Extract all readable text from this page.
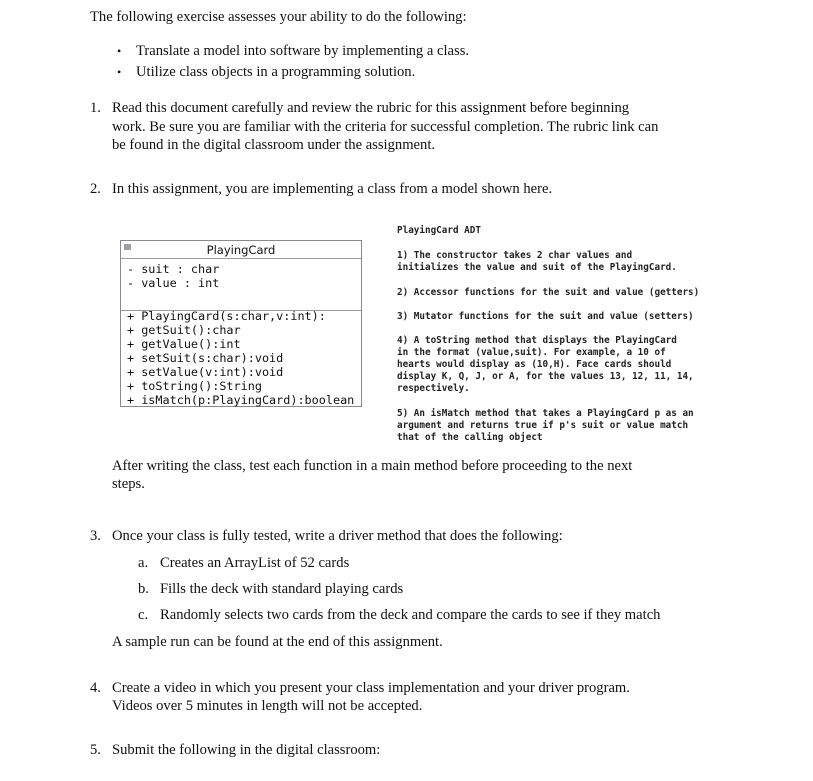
The following exercise assesses your ability to do the following:
• Translate a model into software by implementing a class.
• Utilize class objects in a programming solution.
1. Read this document carefully and review the rubric for this assignment before beginning
work. Be sure you are familiar with the criteria for successful completion. The rubric link can
be found in the digital classroom under the assignment.
2. In this assignment, you are implementing a class from a model shown here.
PlayingCard
- suit : char
- value : int
+ PlayingCard(s:char,v:int):
+ getSuit():char
+ getValue():int
+ setSuit(s:char):void
+ setValue(v:int):void
+ toString():String
+ isMatch(p:PlayingCard):boolean
PlayingCard ADT
1) The constructor takes 2 char values and
initializes the value and suit of the PlayingCard.
2) Accessor functions for the suit and value (getters)
3) Mutator functions for the suit and value (setters)
4) A toString method that displays the PlayingCard
in the format (value,suit). For example, a 10 of
hearts would display as (10,H). Face cards should
display K, Q, J, or A, for the values 13, 12, 11, 14,
respectively.
5) An isMatch method that takes a PlayingCard p as an
argument and returns true if p's suit or value match
that of the calling object
After writing the class, test each function in a main method before proceeding to the next
steps.
3. Once your class is fully tested, write a driver method that does the following:
a. Creates an ArrayList of 52 cards
b. Fills the deck with standard playing cards
c. Randomly selects two cards from the deck and compare the cards to see if they match
A sample run can be found at the end of this assignment.
4. Create a video in which you present your class implementation and your driver program.
Videos over 5 minutes in length will not be accepted.
5. Submit the following in the digital classroom:
